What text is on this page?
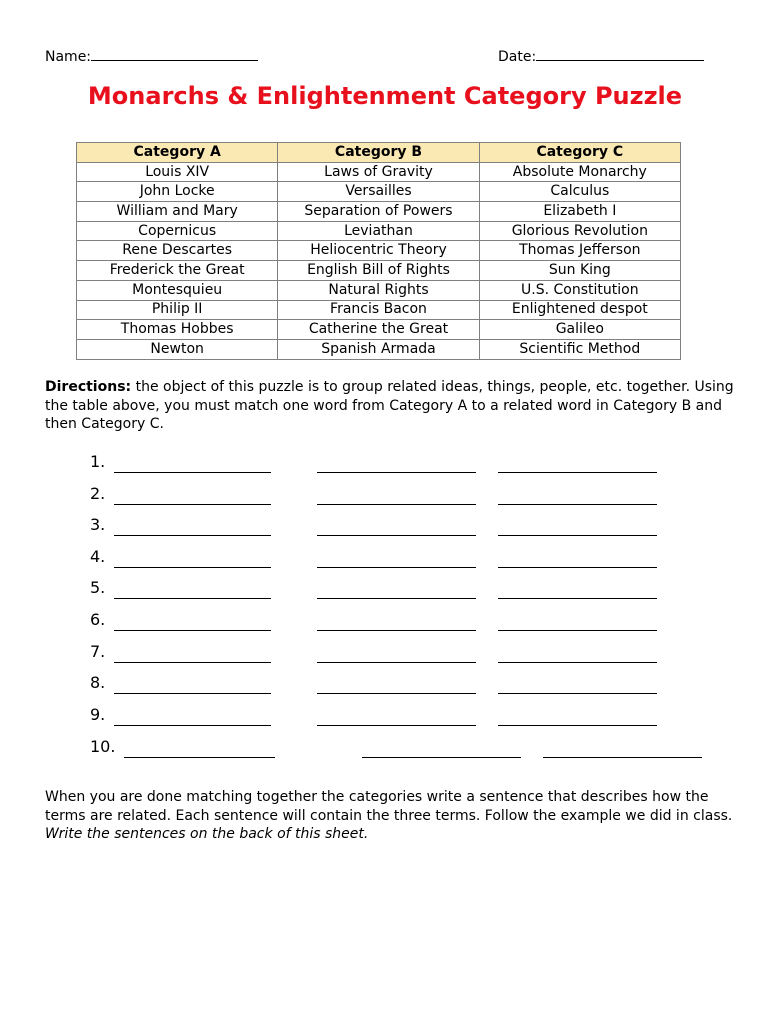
Name:	Date:
Monarchs & Enlightenment Category Puzzle
Category A	Category B	Category C
Louis XIV	Laws of Gravity	Absolute Monarchy
John Locke	Versailles	Calculus
William and Mary	Separation of Powers	Elizabeth I
Copernicus	Leviathan	Glorious Revolution
Rene Descartes	Heliocentric Theory	Thomas Jefferson
Frederick the Great	English Bill of Rights	Sun King
Montesquieu	Natural Rights	U.S. Constitution
Philip II	Francis Bacon	Enlightened despot
Thomas Hobbes	Catherine the Great	Galileo
Newton	Spanish Armada	Scientific Method

Directions: the object of this puzzle is to group related ideas, things, people, etc. together. Using the table above, you must match one word from Category A to a related word in Category B and then Category C.

1.
2.
3.
4.
5.
6.
7.
8.
9.
10.

When you are done matching together the categories write a sentence that describes how the terms are related. Each sentence will contain the three terms. Follow the example we did in class. Write the sentences on the back of this sheet.
